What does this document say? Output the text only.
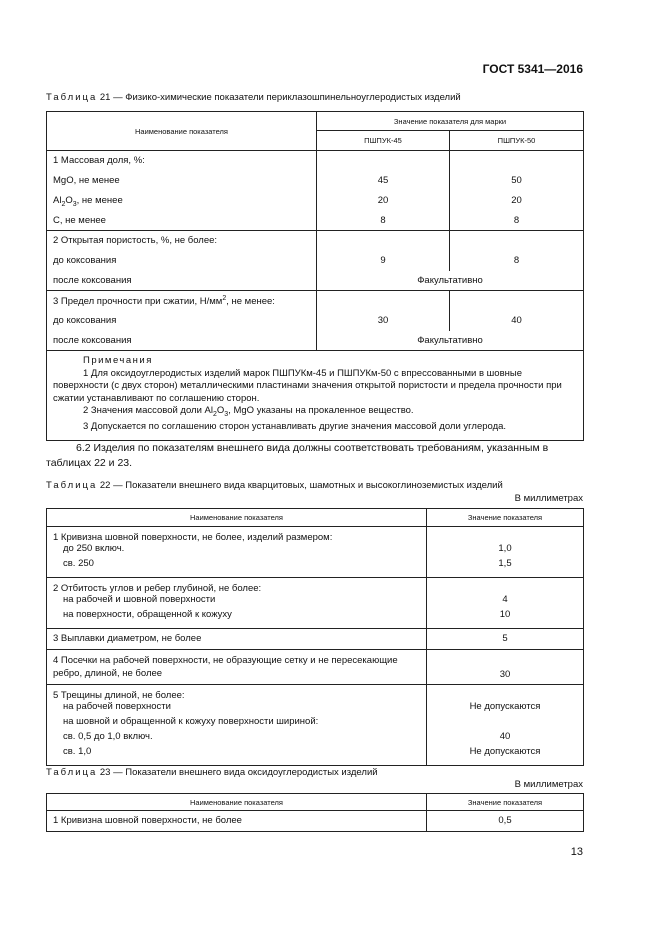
ГОСТ 5341—2016
Таблица 21 — Физико-химические показатели периклазошпинельноуглеродистых изделий
Наименование показателя	Значение показателя для марки	
	ПШПУК-45	ПШПУК-50
1 Массовая доля, %:		
MgO, не менее	45	50
$Al_2O_3$, не менее	20	20
C, не менее	8	8
2 Открытая пористость, %, не более:		
до коксования	9	8
после коксования	Факультативно	
3 Предел прочности при сжатии, $Н/мм^2$, не менее:		
до коксования	30	40
после коксования	Факультативно	

Примечания
1 Для оксидоуглеродистых изделий марок ПШПУКм-45 и ПШПУКм-50 с впрессованными в шовные поверхности (с двух сторон) металлическими пластинами значения открытой пористости и предела прочности при сжатии устанавливают по соглашению сторон.
2 Значения массовой доли $Al_2O_3$, MgO указаны на прокаленное вещество.
3 Допускается по соглашению сторон устанавливать другие значения массовой доли углерода.		
6.2 Изделия по показателям внешнего вида должны соответствовать требованиям, указанным в таблицах 22 и 23.
Таблица 22 — Показатели внешнего вида кварцитовых, шамотных и высокоглиноземистых изделий
В миллиметрах
Наименование показателя	Значение показателя
1 Кривизна шовной поверхности, не более, изделий размером:	
до 250 включ.	1,0
св. 250	1,5
2 Отбитость углов и ребер глубиной, не более:	
на рабочей и шовной поверхности	4
на поверхности, обращенной к кожуху	10
3 Выплавки диаметром, не более	5
4 Посечки на рабочей поверхности, не образующие сетку и не пересекающие ребро, длиной, не более	30
5 Трещины длиной, не более:	
на рабочей поверхности	Не допускаются
на шовной и обращенной к кожуху поверхности шириной:	
св. 0,5 до 1,0 включ.	40
св. 1,0	Не допускаются
Таблица 23 — Показатели внешнего вида оксидоуглеродистых изделий
В миллиметрах
Наименование показателя	Значение показателя
1 Кривизна шовной поверхности, не более	0,5
13
